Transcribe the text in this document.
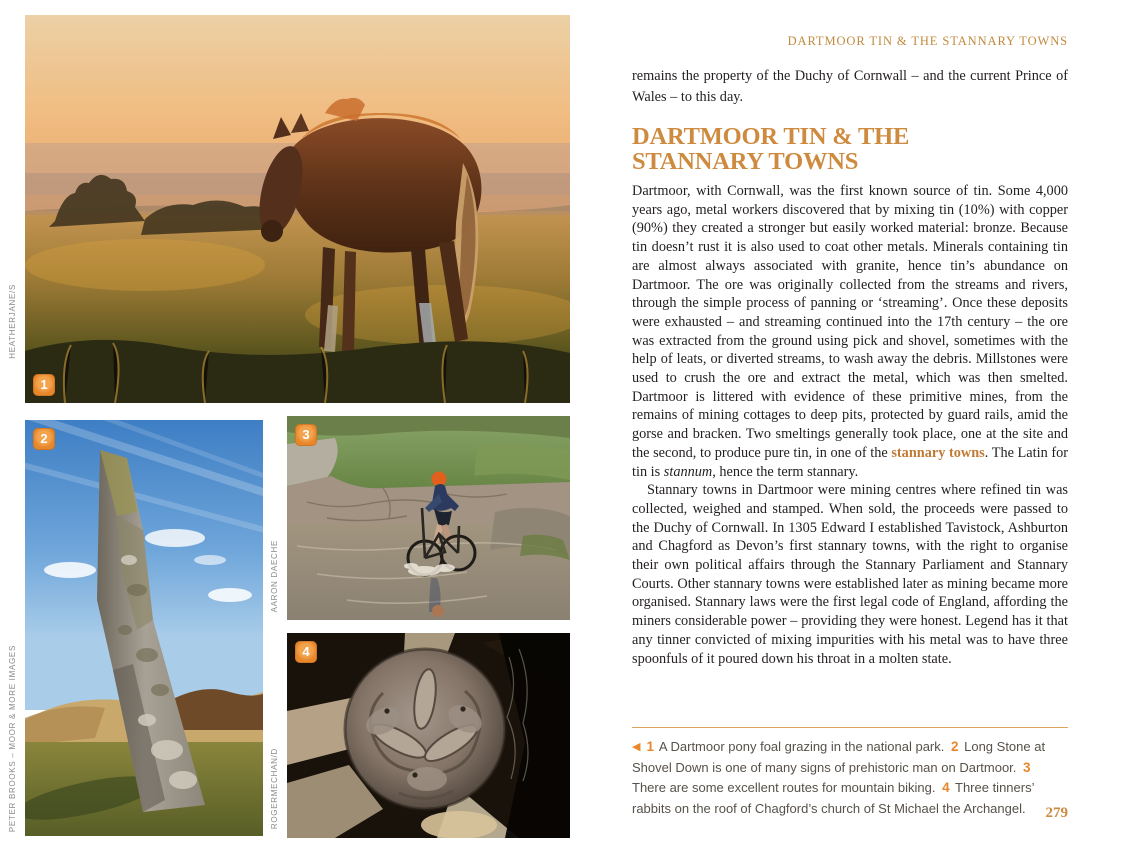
1
2	3
4
HEATHERJANE/S
PETER BROOKS – MOOR & MORE IMAGES
AARON DAECHE
ROGERMECHAN/D
DARTMOOR TIN & THE STANNARY TOWNS

remains the property of the Duchy of Cornwall – and the current Prince of Wales – to this day.

DARTMOOR TIN & THE
STANNARY TOWNS

Dartmoor, with Cornwall, was the first known source of tin. Some 4,000 years ago, metal workers discovered that by mixing tin (10%) with copper (90%) they created a stronger but easily worked material: bronze. Because tin doesn’t rust it is also used to coat other metals. Minerals containing tin are almost always associated with granite, hence tin’s abundance on Dartmoor. The ore was originally collected from the streams and rivers, through the simple process of panning or ‘streaming’. Once these deposits were exhausted – and streaming continued into the 17th century – the ore was extracted from the ground using pick and shovel, sometimes with the help of leats, or diverted streams, to wash away the debris. Millstones were used to crush the ore and extract the metal, which was then smelted. Dartmoor is littered with evidence of these primitive mines, from the remains of mining cottages to deep pits, protected by guard rails, amid the gorse and bracken. Two smeltings generally took place, one at the site and the second, to produce pure tin, in one of the stannary towns. The Latin for tin is stannum, hence the term stannary.

Stannary towns in Dartmoor were mining centres where refined tin was collected, weighed and stamped. When sold, the proceeds were passed to the Duchy of Cornwall. In 1305 Edward I established Tavistock, Ashburton and Chagford as Devon’s first stannary towns, with the right to organise their own political affairs through the Stannary Parliament and Stannary Courts. Other stannary towns were established later as mining became more organised. Stannary laws were the first legal code of England, affording the miners considerable power – providing they were honest. Legend has it that any tinner convicted of mixing impurities with his metal was to have three spoonfuls of it poured down his throat in a molten state.

◀ 1 A Dartmoor pony foal grazing in the national park. 2 Long Stone at Shovel Down is one of many signs of prehistoric man on Dartmoor. 3 There are some excellent routes for mountain biking. 4 Three tinners’ rabbits on the roof of Chagford’s church of St Michael the Archangel.	279
